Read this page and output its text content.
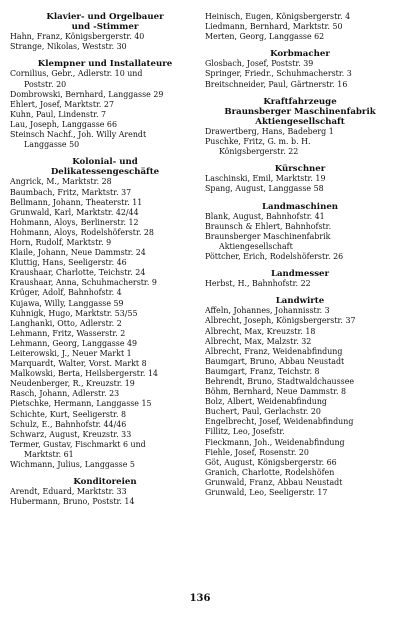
Klavier- und Orgelbauer
und -Stimmer
Hahn, Franz, Königsbergerstr. 40
Strange, Nikolas, Weststr. 30
Klempner und Installateure
Cornilius, Gebr., Adlerstr. 10 und
Poststr. 20
Dombrowski, Bernhard, Langgasse 29
Ehlert, Josef, Marktstr. 27
Kuhn, Paul, Lindenstr. 7
Lau, Joseph, Langgasse 66
Steinsch Nachf., Joh. Willy Arendt
Langgasse 50
Kolonial- und
Delikatessengeschäfte
Angrick, M., Marktstr. 28
Baumbach, Fritz, Marktstr. 37
Bellmann, Johann, Theaterstr. 11
Grunwald, Karl, Marktstr. 42/44
Hohmann, Aloys, Berlinerstr. 12
Hohmann, Aloys, Rodelshöferstr. 28
Horn, Rudolf, Marktstr. 9
Klaile, Johann, Neue Dammstr. 24
Kluttig, Hans, Seeligerstr. 46
Kraushaar, Charlotte, Teichstr. 24
Kraushaar, Anna, Schuhmacherstr. 9
Krüger, Adolf, Bahnhofstr. 4
Kujawa, Willy, Langgasse 59
Kuhnigk, Hugo, Marktstr. 53/55
Langhanki, Otto, Adlerstr. 2
Lehmann, Fritz, Wasserstr. 2
Lehmann, Georg, Langgasse 49
Leiterowski, J., Neuer Markt 1
Marquardt, Walter, Vorst. Markt 8
Malkowski, Berta, Heilsbergerstr. 14
Neudenberger, R., Kreuzstr. 19
Rasch, Johann, Adlerstr. 23
Pietschke, Hermann, Langgasse 15
Schichte, Kurt, Seeligerstr. 8
Schulz, E., Bahnhofstr. 44/46
Schwarz, August, Kreuzstr. 33
Termer, Gustav, Fischmarkt 6 und
Marktstr. 61
Wichmann, Julius, Langgasse 5
Konditoreien
Arendt, Eduard, Marktstr. 33
Hubermann, Bruno, Poststr. 14
Heinisch, Eugen, Königsbergerstr. 4
Liedmann, Bernhard, Marktstr. 50
Merten, Georg, Langgasse 62
Korbmacher
Glosbach, Josef, Poststr. 39
Springer, Friedr., Schuhmacherstr. 3
Breitschneider, Paul, Gärtnerstr. 16
Kraftfahrzeuge
Braunsberger Maschinenfabrik
Aktiengesellschaft
Drawertberg, Hans, Badeberg 1
Puschke, Fritz, G. m. b. H.
Königsbergerstr. 22
Kürschner
Laschinski, Emil, Marktstr. 19
Spang, August, Langgasse 58
Landmaschinen
Blank, August, Bahnhofstr. 41
Braunsch & Ehlert, Bahnhofstr.
Braunsberger Maschinenfabrik
Aktiengesellschaft
Pöttcher, Erich, Rodelshöferstr. 26
Landmesser
Herbst, H., Bahnhofstr. 22
Landwirte
Affeln, Johannes, Johannisstr. 3
Albrecht, Joseph, Königsbergerstr. 37
Albrecht, Max, Kreuzstr. 18
Albrecht, Max, Malzstr. 32
Albrecht, Franz, Weidenabfindung
Baumgart, Bruno, Abbau Neustadt
Baumgart, Franz, Teichstr. 8
Behrendt, Bruno, Stadtwaldchaussee
Böhm, Bernhard, Neue Dammstr. 8
Bolz, Albert, Weidenabfindung
Buchert, Paul, Gerlachstr. 20
Engelbrecht, Josef, Weidenabfindung
Fillitz, Leo, Josefstr.
Fieckmann, Joh., Weidenabfindung
Fiehle, Josef, Rosenstr. 20
Göt, August, Königsbergerstr. 66
Granich, Charlotte, Rodelshöfen
Grunwald, Franz, Abbau Neustadt
Grunwald, Leo, Seeligerstr. 17
136
